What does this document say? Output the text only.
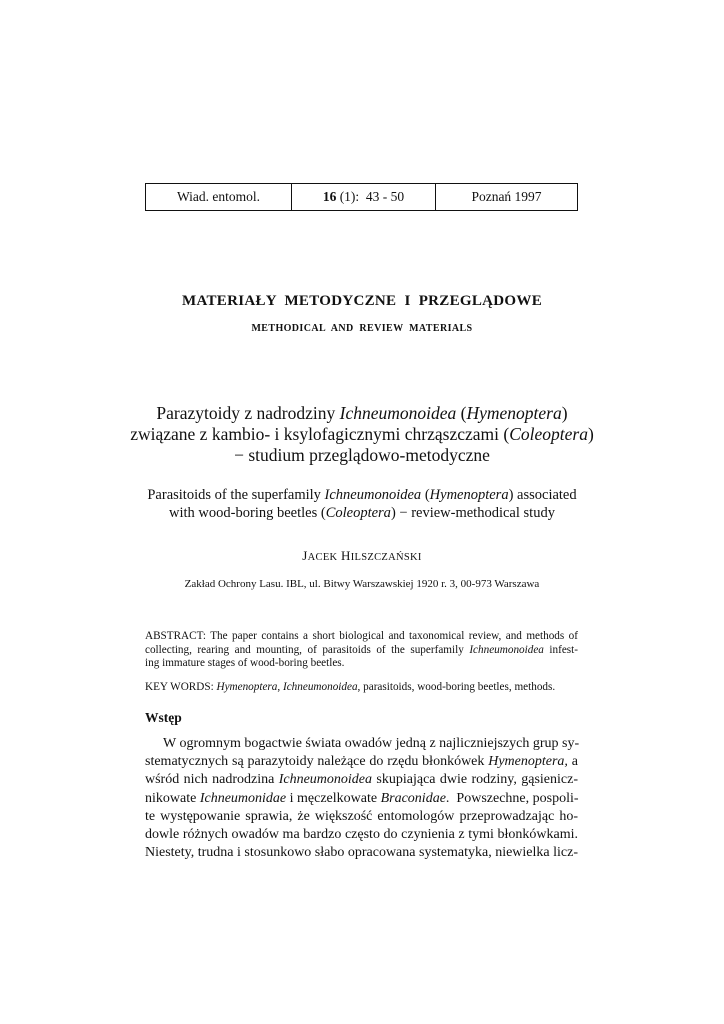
Wiad. entomol.	16 (1):  43 - 50	Poznań 1997
MATERIAŁY  METODYCZNE  I  PRZEGLĄDOWE
METHODICAL  AND  REVIEW  MATERIALS
Parazytoidy z nadrodziny Ichneumonoidea (Hymenoptera)
związane z kambio- i ksylofagicznymi chrząszczami (Coleoptera)
− studium przeglądowo-metodyczne
Parasitoids of the superfamily Ichneumonoidea (Hymenoptera) associated
with wood-boring beetles (Coleoptera) − review-methodical study
JACEK HILSZCZAŃSKI
Zakład Ochrony Lasu. IBL, ul. Bitwy Warszawskiej 1920 r. 3, 00-973 Warszawa
ABSTRACT: The paper contains a short biological and taxonomical review, and methods of
collecting, rearing and mounting, of parasitoids of the superfamily Ichneumonoidea infest-
ing immature stages of wood-boring beetles.
KEY WORDS: Hymenoptera, Ichneumonoidea, parasitoids, wood-boring beetles, methods.
Wstęp
W ogromnym bogactwie świata owadów jedną z najliczniejszych grup sy-
stematycznych są parazytoidy należące do rzędu błonkówek Hymenoptera, a
wśród nich nadrodzina Ichneumonoidea skupiająca dwie rodziny, gąsienicz-
nikowate Ichneumonidae i męczelkowate Braconidae.  Powszechne, pospoli-
te występowanie sprawia, że większość entomologów przeprowadzając ho-
dowle różnych owadów ma bardzo często do czynienia z tymi błonkówkami.
Niestety, trudna i stosunkowo słabo opracowana systematyka, niewielka licz-
